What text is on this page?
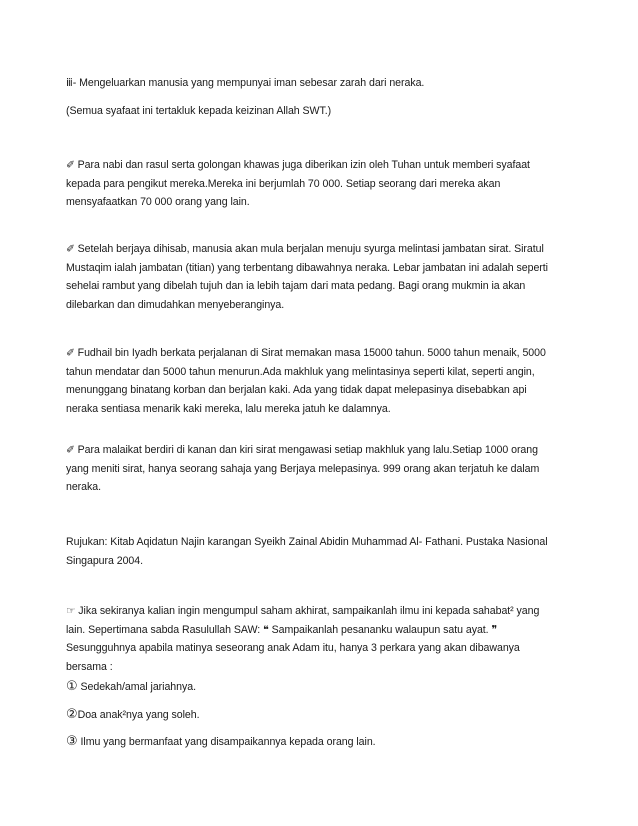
ⅲ- Mengeluarkan manusia yang mempunyai iman sebesar zarah dari neraka.
(Semua syafaat ini tertakluk kepada keizinan Allah SWT.)
✐ Para nabi dan rasul serta golongan khawas juga diberikan izin oleh Tuhan untuk memberi syafaat
kepada para pengikut mereka.Mereka ini berjumlah 70 000. Setiap seorang dari mereka akan
mensyafaatkan 70 000 orang yang lain.
✐ Setelah berjaya dihisab, manusia akan mula berjalan menuju syurga melintasi jambatan sirat. Siratul
Mustaqim ialah jambatan (titian) yang terbentang dibawahnya neraka. Lebar jambatan ini adalah seperti
sehelai rambut yang dibelah tujuh dan ia lebih tajam dari mata pedang. Bagi orang mukmin ia akan
dilebarkan dan dimudahkan menyeberanginya.
✐ Fudhail bin Iyadh berkata perjalanan di Sirat memakan masa 15000 tahun. 5000 tahun menaik, 5000
tahun mendatar dan 5000 tahun menurun.Ada makhluk yang melintasinya seperti kilat, seperti angin,
menunggang binatang korban dan berjalan kaki. Ada yang tidak dapat melepasinya disebabkan api
neraka sentiasa menarik kaki mereka, lalu mereka jatuh ke dalamnya.
✐ Para malaikat berdiri di kanan dan kiri sirat mengawasi setiap makhluk yang lalu.Setiap 1000 orang
yang meniti sirat, hanya seorang sahaja yang Berjaya melepasinya. 999 orang akan terjatuh ke dalam
neraka.
Rujukan: Kitab Aqidatun Najin karangan Syeikh Zainal Abidin Muhammad Al- Fathani. Pustaka Nasional
Singapura 2004.
☞ Jika sekiranya kalian ingin mengumpul saham akhirat, sampaikanlah ilmu ini kepada sahabat² yang
lain. Sepertimana sabda Rasulullah SAW: ❝ Sampaikanlah pesananku walaupun satu ayat. ❞
Sesungguhnya apabila matinya seseorang anak Adam itu, hanya 3 perkara yang akan dibawanya
bersama :
① Sedekah/amal jariahnya.
②Doa anak²nya yang soleh.
③ Ilmu yang bermanfaat yang disampaikannya kepada orang lain.
